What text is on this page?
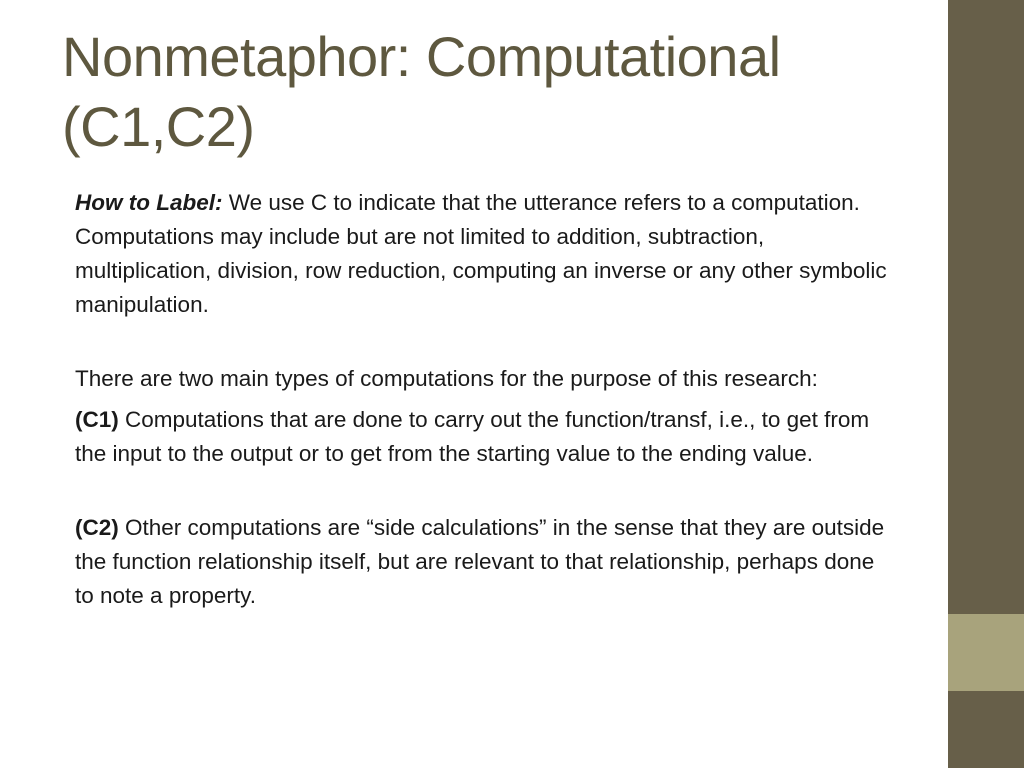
Nonmetaphor: Computational (C1,C2)

How to Label: We use C to indicate that the utterance refers to a computation. Computations may include but are not limited to addition, subtraction, multiplication, division, row reduction, computing an inverse or any other symbolic manipulation.

There are two main types of computations for the purpose of this research:

(C1) Computations that are done to carry out the function/transf, i.e., to get from the input to the output or to get from the starting value to the ending value.

(C2) Other computations are “side calculations” in the sense that they are outside the function relationship itself, but are relevant to that relationship, perhaps done to note a property.
